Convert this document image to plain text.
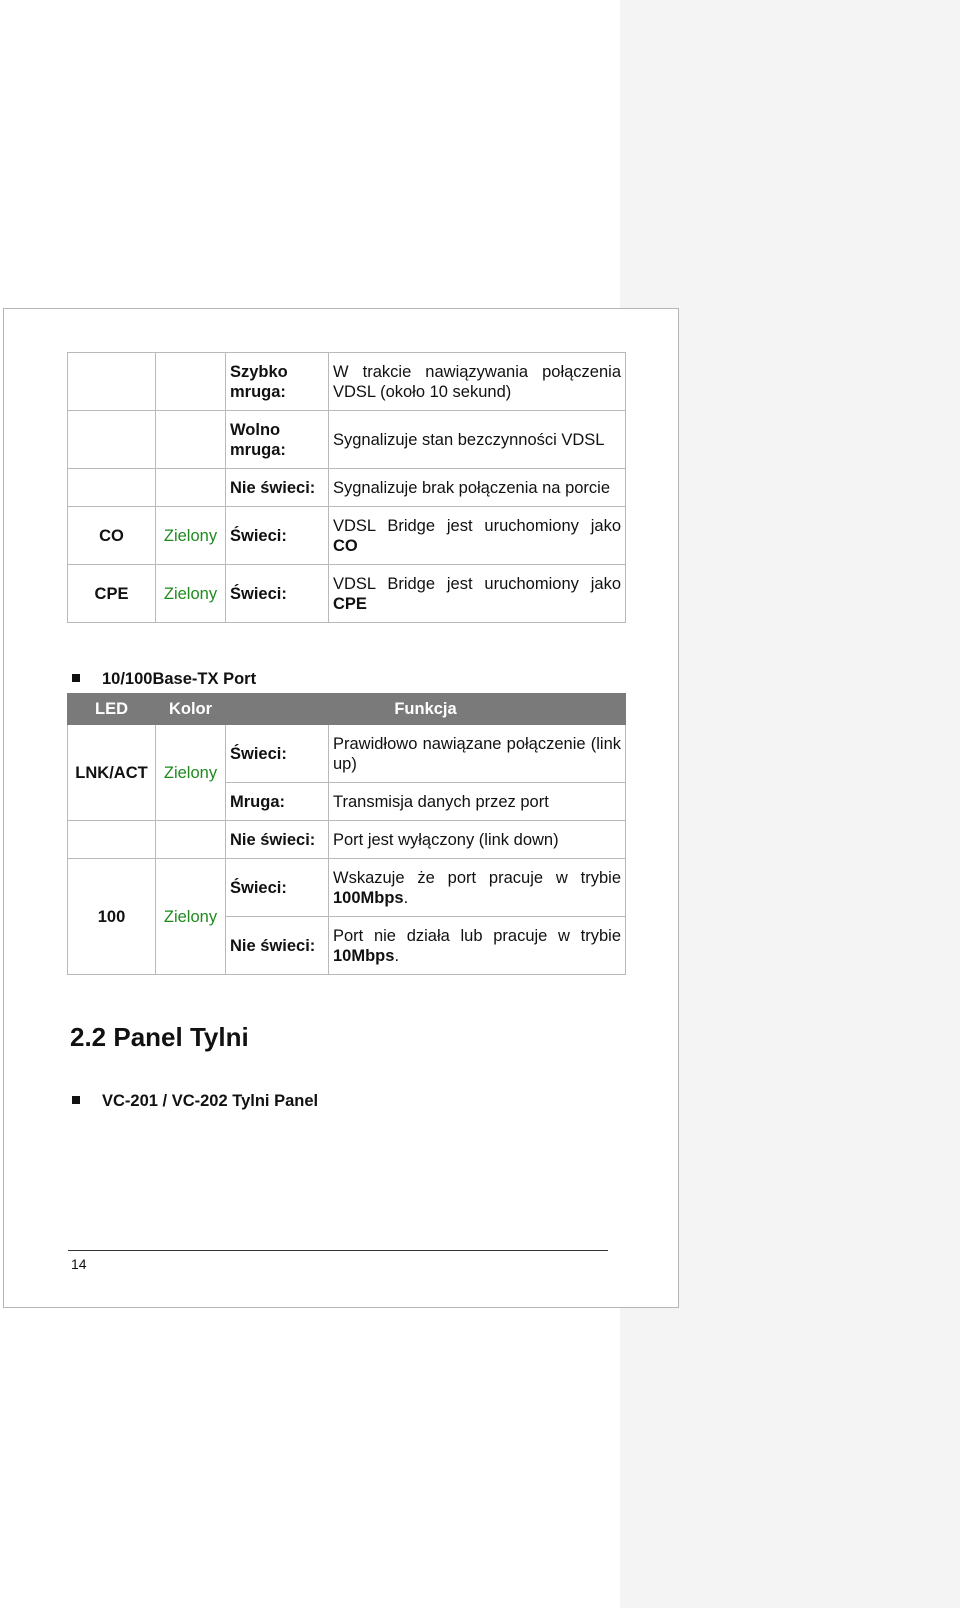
		Szybko mruga:	W trakcie nawiązywania połączenia VDSL (około 10 sekund)
		Wolno mruga:	Sygnalizuje stan bezczynności VDSL
		Nie świeci:	Sygnalizuje brak połączenia na porcie
CO	Zielony	Świeci:	VDSL Bridge jest uruchomiony jako CO
CPE	Zielony	Świeci:	VDSL Bridge jest uruchomiony jako CPE
10/100Base-TX Port
LED	Kolor	Funkcja	
LNK/ACT	Zielony	Świeci:	Prawidłowo nawiązane połączenie (link up)
		Mruga:	Transmisja danych przez port
		Nie świeci:	Port jest wyłączony (link down)
100	Zielony	Świeci:	Wskazuje że port pracuje w trybie 100Mbps.
		Nie świeci:	Port nie działa lub pracuje w trybie 10Mbps.
2.2 Panel Tylni
VC-201 / VC-202 Tylni Panel
14
